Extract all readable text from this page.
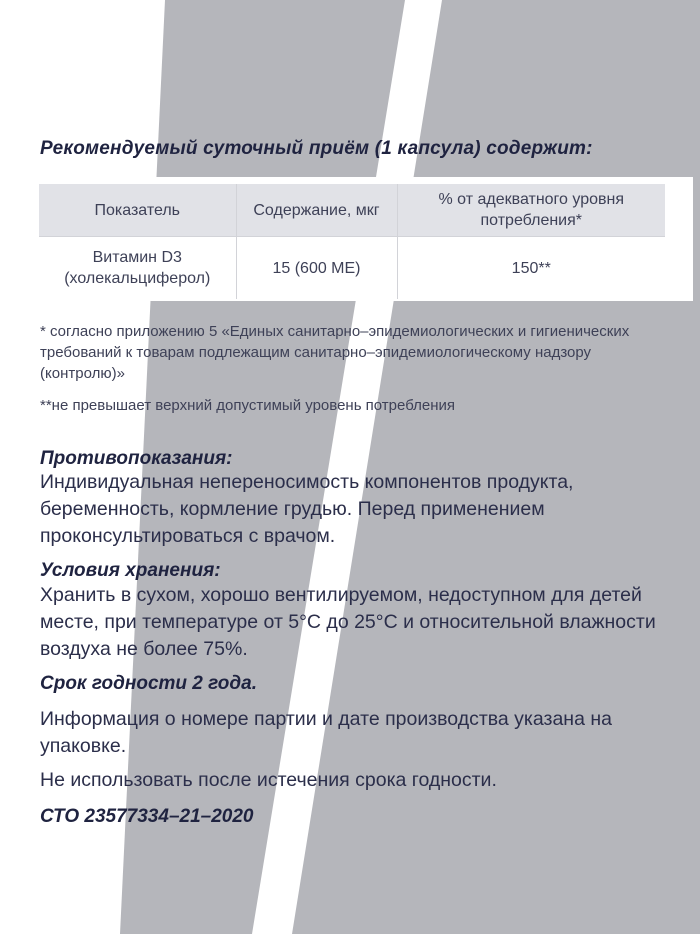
Рекомендуемый суточный приём (1 капсула) содержит:
Показатель	Содержание, мкг	% от адекватного уровня потребления*
Витамин D3 (холекальциферол)	15 (600 МЕ)	150**
* согласно приложению 5 «Единых санитарно–эпидемиологических и гигиенических требований к товарам подлежащим санитарно–эпидемиологическому надзору (контролю)»
**не превышает верхний допустимый уровень потребления
Противопоказания:
Индивидуальная непереносимость компонентов продукта, беременность, кормление грудью. Перед применением проконсультироваться с врачом.
Условия хранения:
Хранить в сухом, хорошо вентилируемом, недоступном для детей месте, при температуре от 5°С до 25°С и относительной влажности воздуха не более 75%.
Срок годности 2 года.
Информация о номере партии и дате производства указана на упаковке.
Не использовать после истечения срока годности.
СТО 23577334–21–2020
